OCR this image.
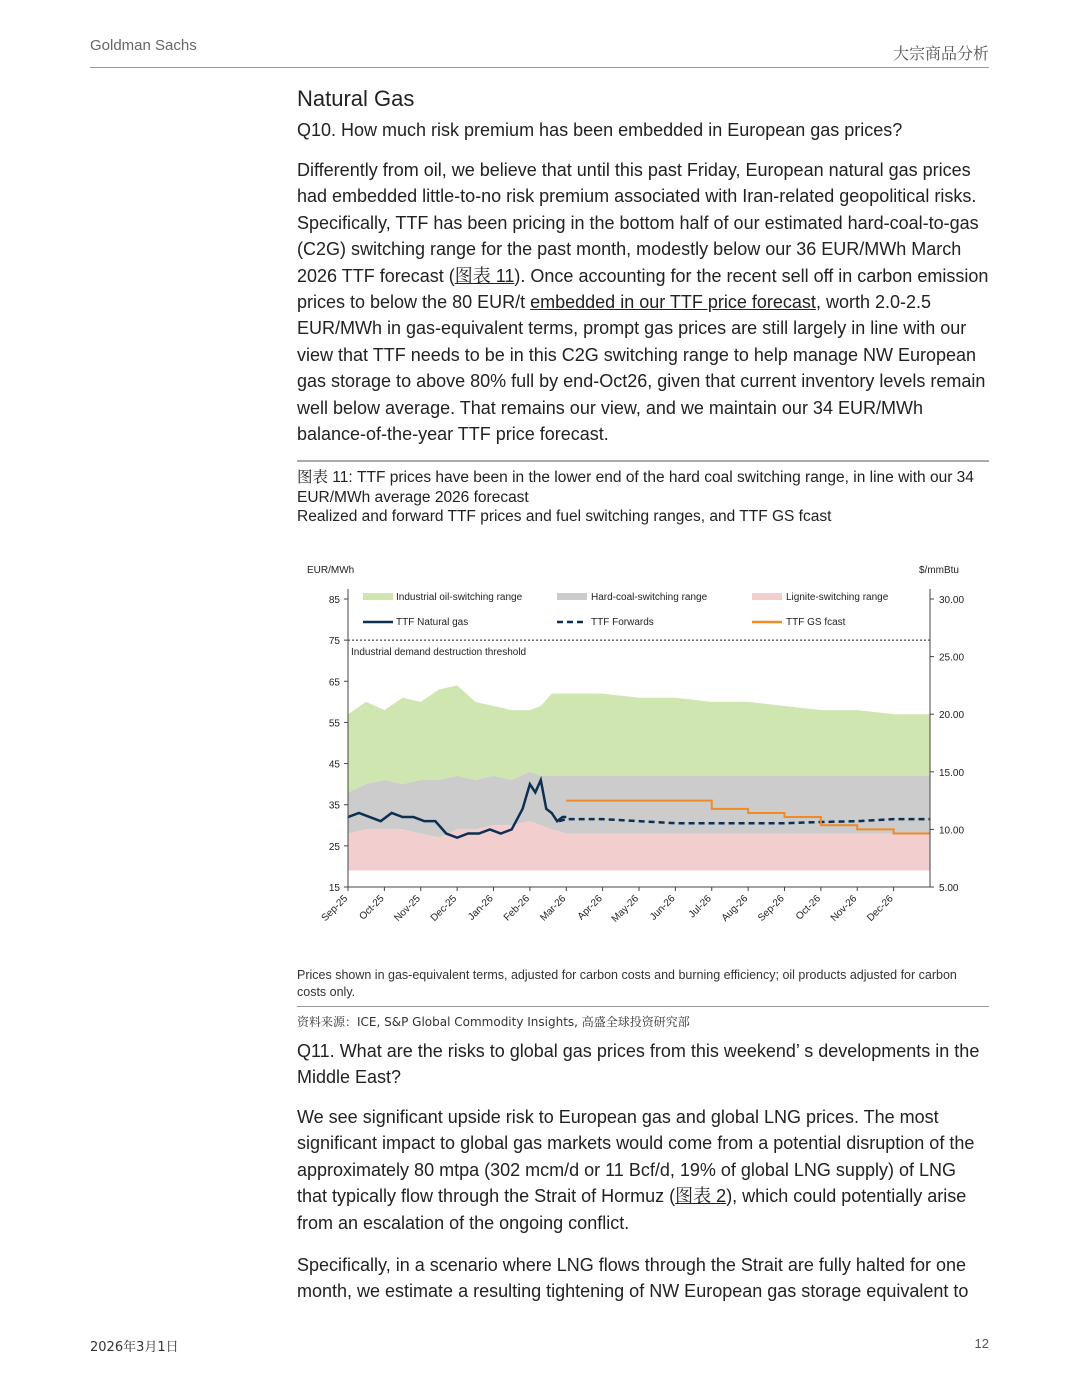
Goldman Sachs	大宗商品分析
Natural Gas
Q10. How much risk premium has been embedded in European gas prices?
Differently from oil, we believe that until this past Friday, European natural gas prices had embedded little-to-no risk premium associated with Iran-related geopolitical risks. Specifically, TTF has been pricing in the bottom half of our estimated hard-coal-to-gas (C2G) switching range for the past month, modestly below our 36 EUR/MWh March 2026 TTF forecast (图表 11). Once accounting for the recent sell off in carbon emission prices to below the 80 EUR/t embedded in our TTF price forecast, worth 2.0-2.5 EUR/MWh in gas-equivalent terms, prompt gas prices are still largely in line with our view that TTF needs to be in this C2G switching range to help manage NW European gas storage to above 80% full by end-Oct26, given that current inventory levels remain well below average. That remains our view, and we maintain our 34 EUR/MWh balance-of-the-year TTF price forecast.
图表 11: TTF prices have been in the lower end of the hard coal switching range, in line with our 34 EUR/MWh average 2026 forecast
Realized and forward TTF prices and fuel switching ranges, and TTF GS fcast
EUR/MWh	$/mmBtu
Industrial demand destruction threshold
85
75
65
55
45
35
25
15
30.00
25.00
20.00
15.00
10.00
5.00
Sep-25 Oct-25 Nov-25 Dec-25 Jan-26 Feb-26 Mar-26 Apr-26 May-26 Jun-26 Jul-26 Aug-26 Sep-26 Oct-26 Nov-26 Dec-26
Industrial oil-switching range	Hard-coal-switching range	Lignite-switching range
TTF Natural gas	TTF Forwards	TTF GS fcast
Prices shown in gas-equivalent terms, adjusted for carbon costs and burning efficiency; oil products adjusted for carbon costs only.
资料来源：ICE, S&P Global Commodity Insights, 高盛全球投资研究部
Q11. What are the risks to global gas prices from this weekend’ s developments in the Middle East?
We see significant upside risk to European gas and global LNG prices. The most significant impact to global gas markets would come from a potential disruption of the approximately 80 mtpa (302 mcm/d or 11 Bcf/d, 19% of global LNG supply) of LNG that typically flow through the Strait of Hormuz (图表 2), which could potentially arise from an escalation of the ongoing conflict.
Specifically, in a scenario where LNG flows through the Strait are fully halted for one month, we estimate a resulting tightening of NW European gas storage equivalent to
2026年3月1日	12
